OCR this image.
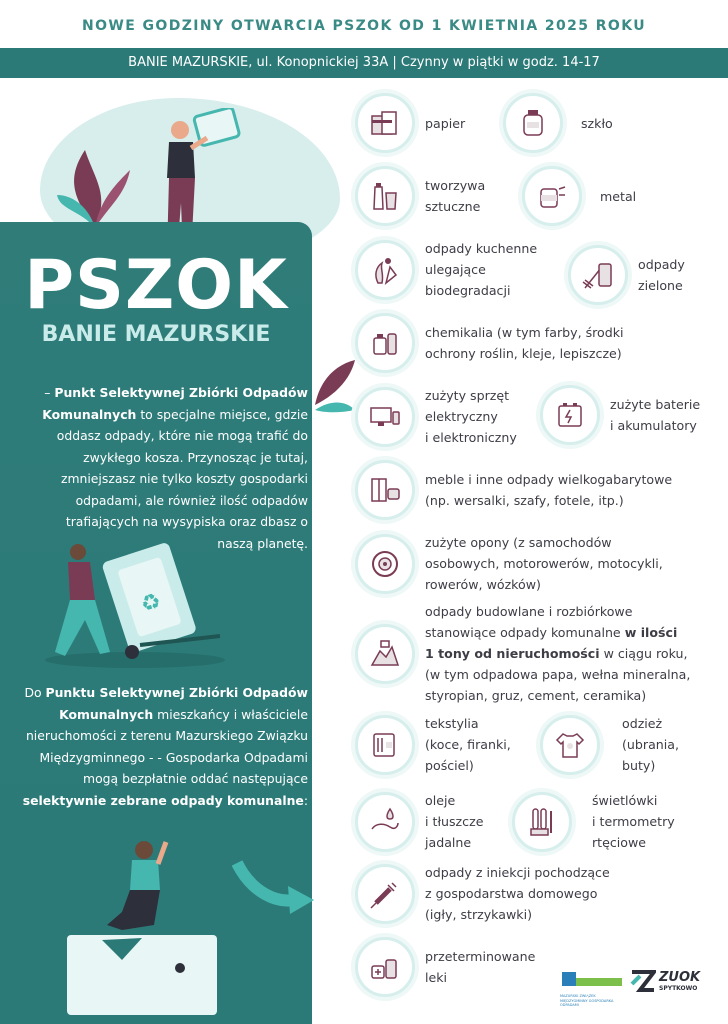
NOWE GODZINY OTWARCIA PSZOK OD 1 KWIETNIA 2025 ROKU
BANIE MAZURSKIE, ul. Konopnickiej 33A | Czynny w piątki w godz. 14-17
PSZOK
BANIE MAZURSKIE
– Punkt Selektywnej Zbiórki Odpadów Komunalnych to specjalne miejsce, gdzie oddasz odpady, które nie mogą trafić do zwykłego kosza. Przynosząc je tutaj, zmniejszasz nie tylko koszty gospodarki odpadami, ale również ilość odpadów trafiających na wysypiska oraz dbasz o naszą planetę.
♻
Do Punktu Selektywnej Zbiórki Odpadów Komunalnych mieszkańcy i właściciele nieruchomości z terenu Mazurskiego Związku Międzygminnego - - Gospodarka Odpadami mogą bezpłatnie oddać następujące selektywnie zebrane odpady komunalne:
papier	szkło
tworzywa
sztuczne
metal
odpady kuchenne
ulegające
biodegradacji
odpady
zielone
chemikalia (w tym farby, środki
ochrony roślin, kleje, lepiszcze)
zużyty sprzęt
elektryczny
i elektroniczny
zużyte baterie
i akumulatory
meble i inne odpady wielkogabarytowe
(np. wersalki, szafy, fotele, itp.)
zużyte opony (z samochodów
osobowych, motorowerów, motocykli,
rowerów, wózków)
odpady budowlane i rozbiórkowe
stanowiące odpady komunalne w ilości
1 tony od nieruchomości w ciągu roku,
(w tym odpadowa papa, wełna mineralna,
styropian, gruz, cement, ceramika)
tekstylia
(koce, firanki,
pościel)
odzież
(ubrania,
buty)
oleje
i tłuszcze
jadalne
świetlówki
i termometry
rtęciowe
odpady z iniekcji pochodzące
z gospodarstwa domowego
(igły, strzykawki)
przeterminowane
leki
MAZURSKI ZWIĄZEK MIĘDZYGMINNY GOSPODARKA ODPADAMI
ZUOK
SPYTKOWO
